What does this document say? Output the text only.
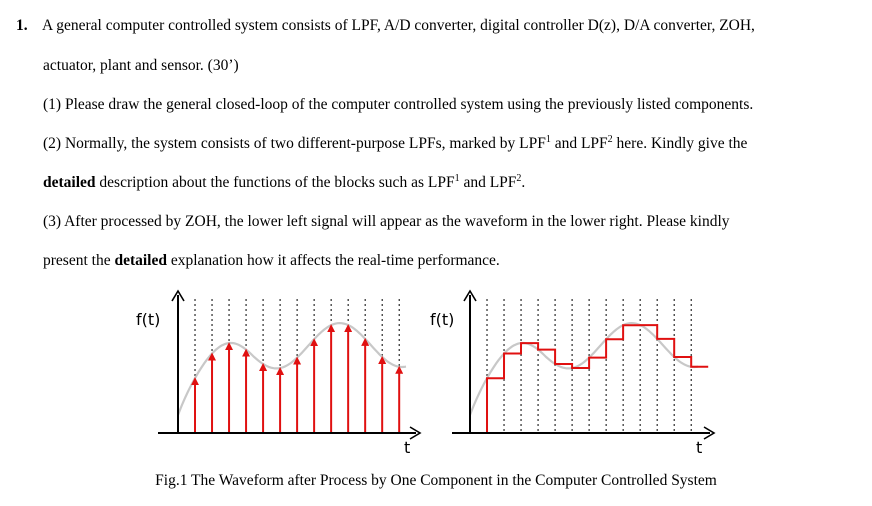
1. A general computer controlled system consists of LPF, A/D converter, digital controller D(z), D/A converter, ZOH,
actuator, plant and sensor. (30’)
(1) Please draw the general closed-loop of the computer controlled system using the previously listed components.
(2) Normally, the system consists of two different-purpose LPFs, marked by LPF$^1$ and LPF$^2$ here. Kindly give the
detailed description about the functions of the blocks such as LPF$^1$ and LPF$^2$.
(3) After processed by ZOH, the lower left signal will appear as the waveform in the lower right. Please kindly
present the detailed explanation how it affects the real-time performance.
f(t)
t
f(t)
t
Fig.1 The Waveform after Process by One Component in the Computer Controlled System
